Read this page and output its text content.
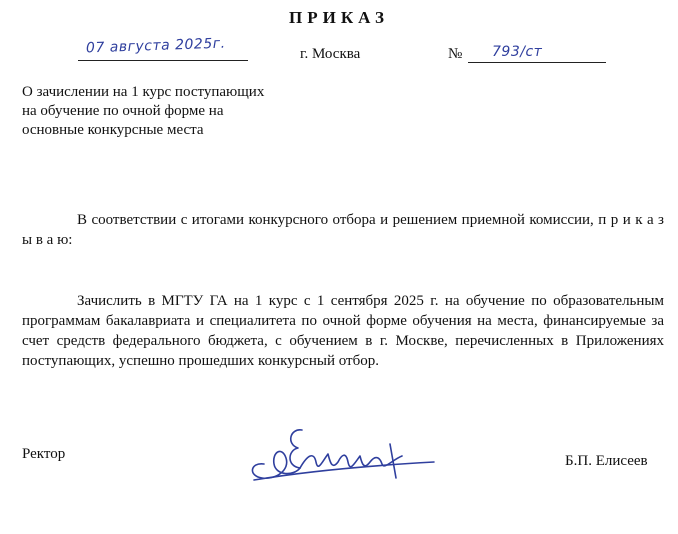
ПРИКАЗ
07 августа 2025г.	г. Москва	№ 793/ст
О зачислении на 1 курс поступающих
на обучение по очной форме на
основные конкурсные места

В соответствии с итогами конкурсного отбора и решением приемной комиссии, п р и к а з ы в а ю:

Зачислить в МГТУ ГА на 1 курс с 1 сентября 2025 г. на обучение по образовательным программам бакалавриата и специалитета по очной форме обучения на места, финансируемые за счет средств федерального бюджета, с обучением в г. Москве, перечисленных в Приложениях поступающих, успешно прошедших конкурсный отбор.

Ректор	Б.П. Елисеев
